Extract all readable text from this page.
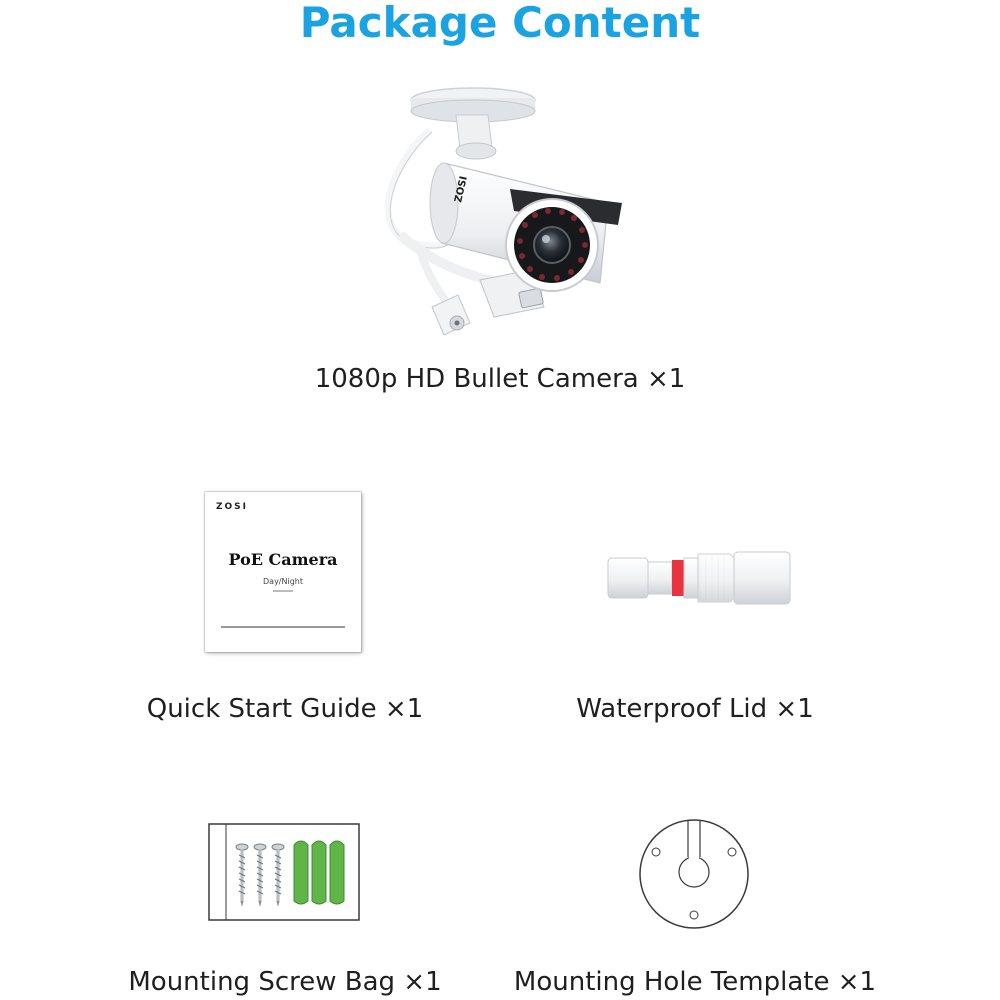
Package Content
ZOSI
1080p HD Bullet Camera ×1
ZOSI
PoE Camera
Day/Night
Quick Start Guide ×1	Waterproof Lid ×1
Mounting Screw Bag ×1	Mounting Hole Template ×1
